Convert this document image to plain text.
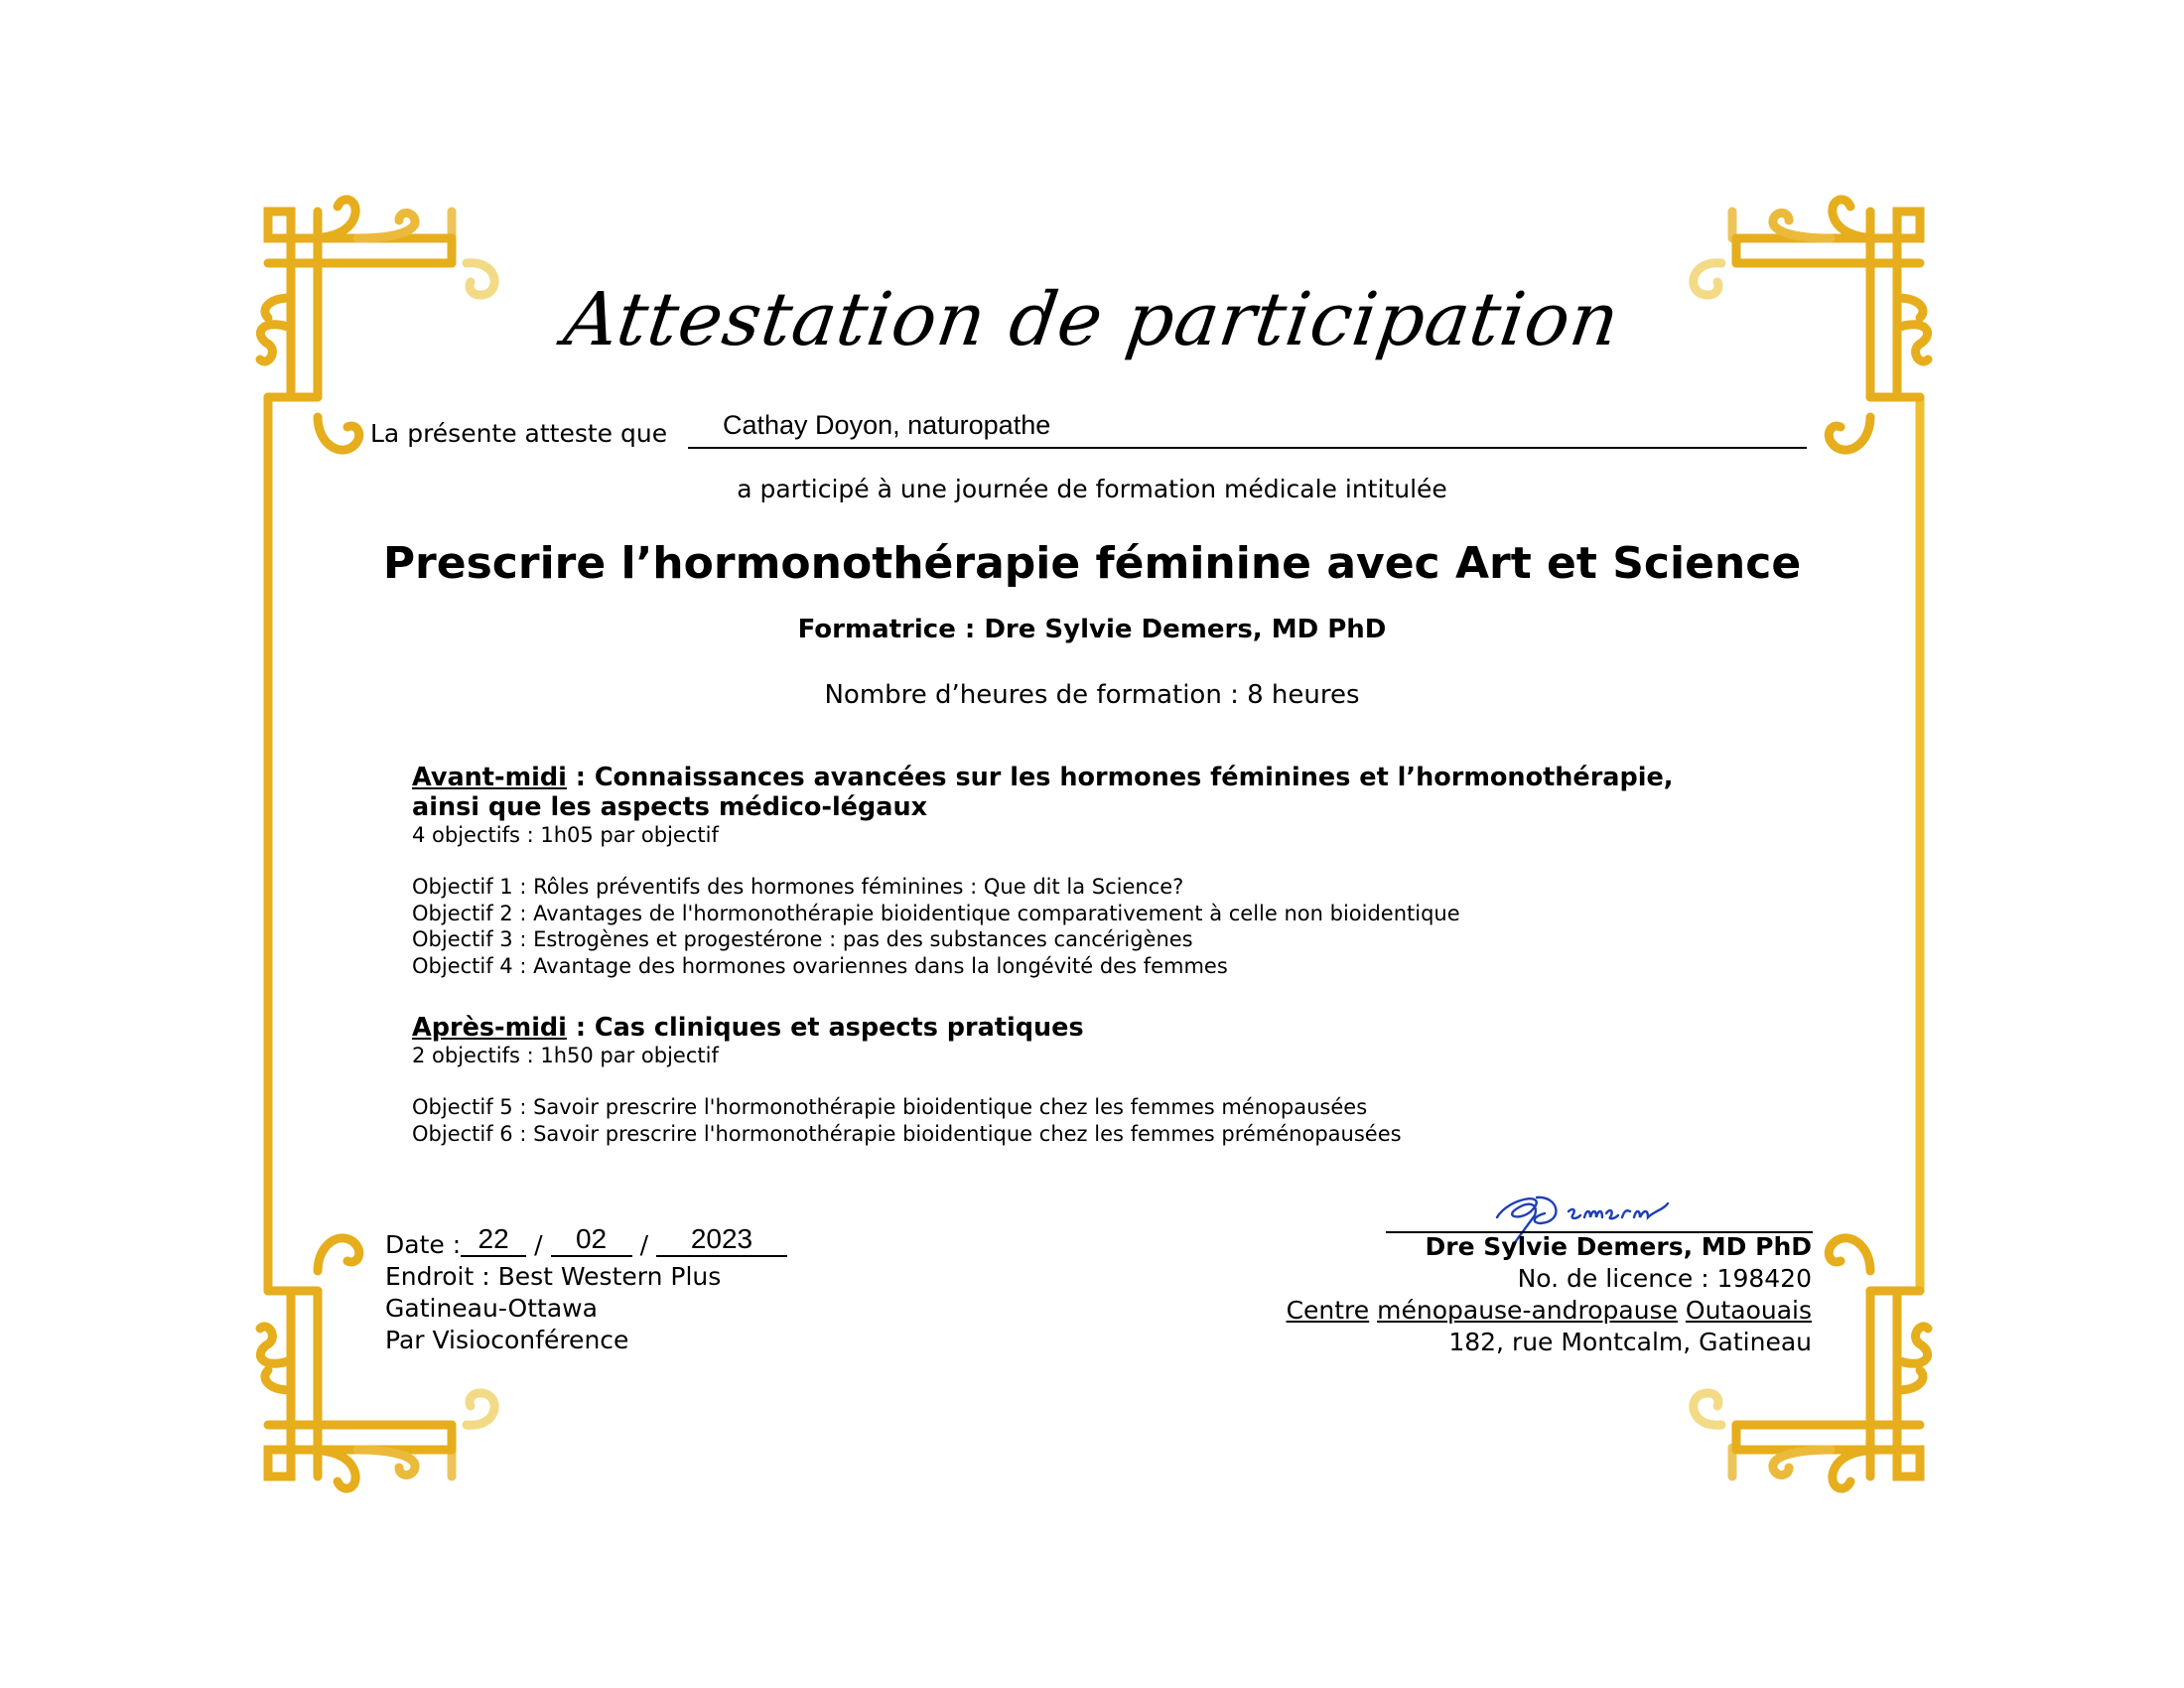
Attestation de participation
La présente atteste que Cathay Doyon, naturopathe
a participé à une journée de formation médicale intitulée
Prescrire l’hormonothérapie féminine avec Art et Science
Formatrice : Dre Sylvie Demers, MD PhD
Nombre d’heures de formation : 8 heures
Avant-midi : Connaissances avancées sur les hormones féminines et l’hormonothérapie,
ainsi que les aspects médico-légaux
4 objectifs : 1h05 par objectif
Objectif 1 : Rôles préventifs des hormones féminines : Que dit la Science?
Objectif 2 : Avantages de l'hormonothérapie bioidentique comparativement à celle non bioidentique
Objectif 3 : Estrogènes et progestérone : pas des substances cancérigènes
Objectif 4 : Avantage des hormones ovariennes dans la longévité des femmes
Après-midi : Cas cliniques et aspects pratiques
2 objectifs : 1h50 par objectif
Objectif 5 : Savoir prescrire l'hormonothérapie bioidentique chez les femmes ménopausées
Objectif 6 : Savoir prescrire l'hormonothérapie bioidentique chez les femmes préménopausées
Date : 22	/	02	/	2023
Endroit : Best Western Plus
Gatineau-Ottawa
Par Visioconférence
Dre Sylvie Demers, MD PhD
No. de licence : 198420
Centre ménopause-andropause Outaouais
182, rue Montcalm, Gatineau
